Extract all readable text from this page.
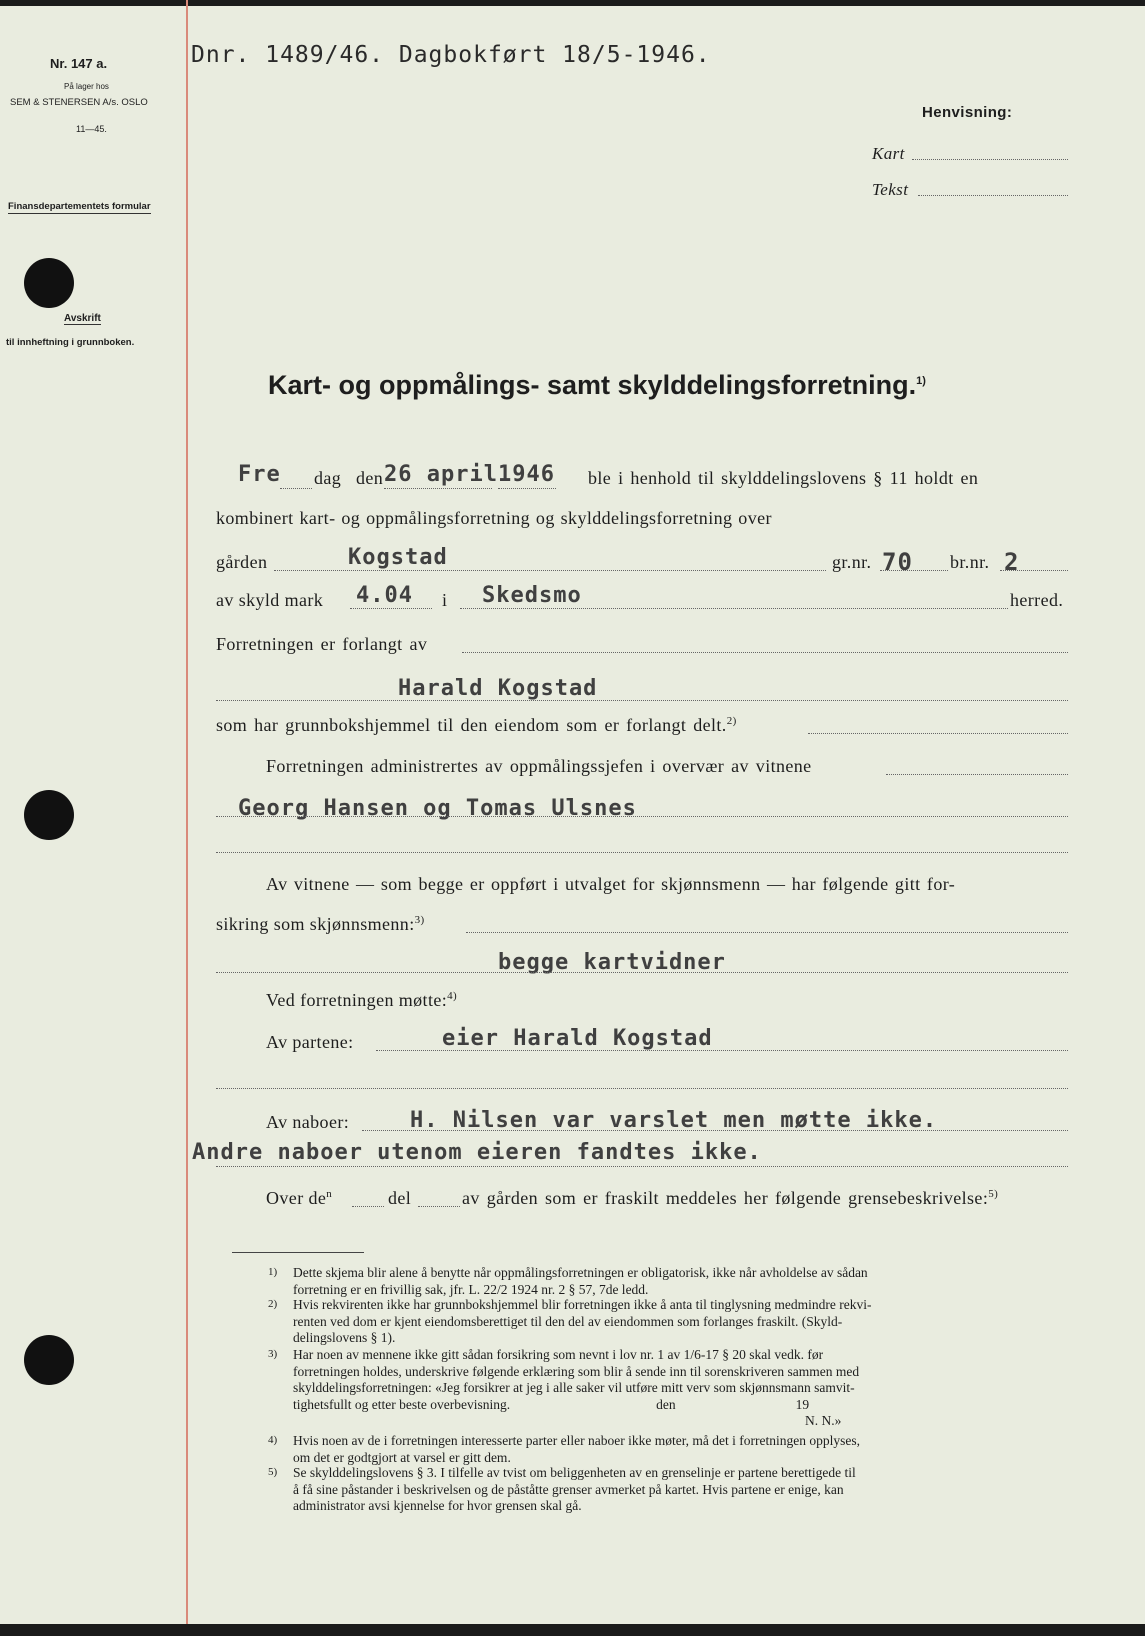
Nr. 147 a.
På lager hos
SEM & STENERSEN A/s. OSLO
11—45.
Finansdepartementets formular
Avskrift
til innheftning i grunnboken.
Dnr. 1489/46. Dagbokført 18/5-1946.
Henvisning:
Kart
Tekst
Kart- og oppmålings- samt skylddelingsforretning.$^{1)}$
Fre dag den 26 april 1946 ble i henhold til skylddelingslovens § 11 holdt en
kombinert kart- og oppmålingsforretning og skylddelingsforretning over
gården	Kogstad	gr.nr. 70 br.nr. 2
av skyld mark 4.04 i Skedsmo	herred.
Forretningen er forlangt av
Harald Kogstad
som har grunnbokshjemmel til den eiendom som er forlangt delt.$^{2)}$
Forretningen administrertes av oppmålingssjefen i overvær av vitnene
Georg Hansen og Tomas Ulsnes
Av vitnene — som begge er oppført i utvalget for skjønnsmenn — har følgende gitt for-
sikring som skjønnsmenn:$^{3)}$
begge kartvidner
Ved forretningen møtte:$^{4)}$
Av partene:	eier Harald Kogstad
Av naboer:	H. Nilsen var varslet men møtte ikke.
Andre naboer utenom eieren fandtes ikke.
Over $de^n$	del	av gården som er fraskilt meddeles her følgende grensebeskrivelse:$^{5)}$
1) Dette skjema blir alene å benytte når oppmålingsforretningen er obligatorisk, ikke når avholdelse av sådan
forretning er en frivillig sak, jfr. L. 22/2 1924 nr. 2 § 57, 7de ledd.
2) Hvis rekvirenten ikke har grunnbokshjemmel blir forretningen ikke å anta til tinglysning medmindre rekvi-
renten ved dom er kjent eiendomsberettiget til den del av eiendommen som forlanges fraskilt. (Skyld-
delingslovens § 1).
3) Har noen av mennene ikke gitt sådan forsikring som nevnt i lov nr. 1 av 1/6-17 § 20 skal vedk. før
forretningen holdes, underskrive følgende erklæring som blir å sende inn til sorenskriveren sammen med
skylddelingsforretningen: «Jeg forsikrer at jeg i alle saker vil utføre mitt verv som skjønnsmann samvit-
tighetsfullt og etter beste overbevisning.	den	19
N. N.»
4) Hvis noen av de i forretningen interesserte parter eller naboer ikke møter, må det i forretningen opplyses,
om det er godtgjort at varsel er gitt dem.
5) Se skylddelingslovens § 3. I tilfelle av tvist om beliggenheten av en grenselinje er partene berettigede til
å få sine påstander i beskrivelsen og de påståtte grenser avmerket på kartet. Hvis partene er enige, kan
administrator avsi kjennelse for hvor grensen skal gå.
